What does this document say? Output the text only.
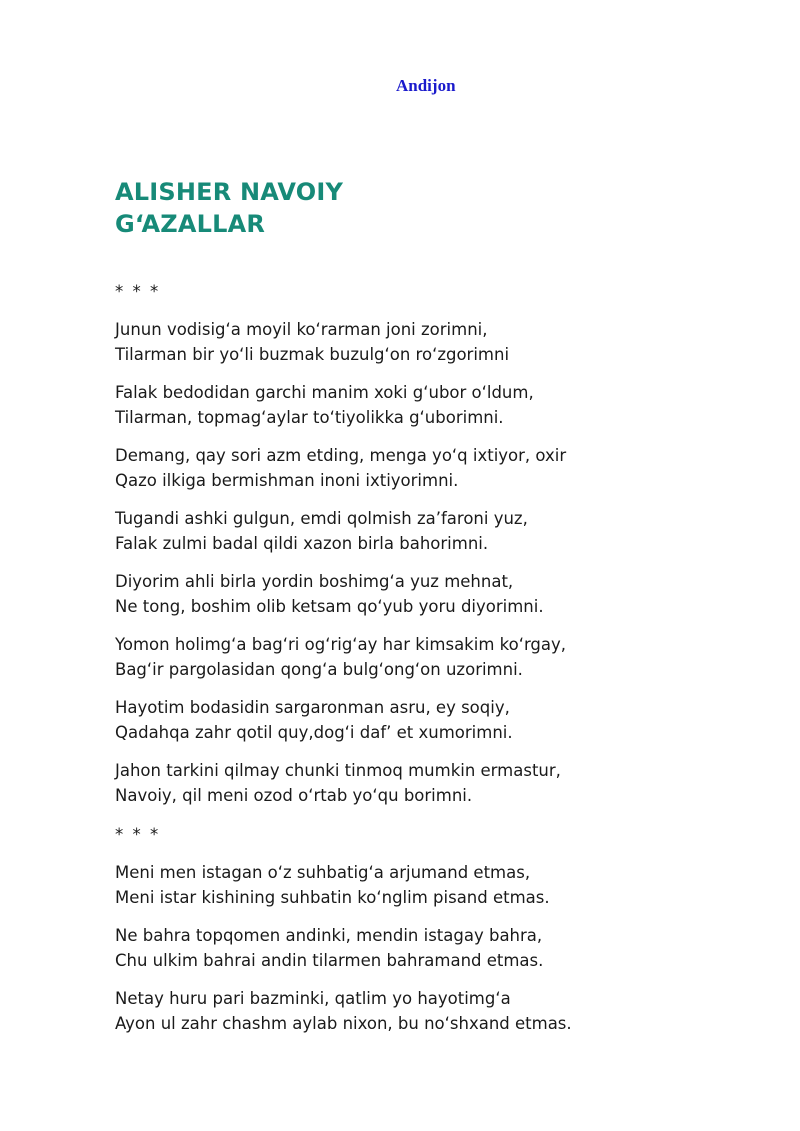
Andijon
ALISHER NAVOIY
G‘AZALLAR
* * *
Junun vodisig‘a moyil ko‘rarman joni zorimni,
Tilarman bir yo‘li buzmak buzulg‘on ro‘zgorimni
Falak bedodidan garchi manim xoki g‘ubor o‘ldum,
Tilarman, topmag‘aylar to‘tiyolikka g‘uborimni.
Demang, qay sori azm etding, menga yo‘q ixtiyor, oxir
Qazo ilkiga bermishman inoni ixtiyorimni.
Tugandi ashki gulgun, emdi qolmish za’faroni yuz,
Falak zulmi badal qildi xazon birla bahorimni.
Diyorim ahli birla yordin boshimg‘a yuz mehnat,
Ne tong, boshim olib ketsam qo‘yub yoru diyorimni.
Yomon holimg‘a bag‘ri og‘rig‘ay har kimsakim ko‘rgay,
Bag‘ir pargolasidan qong‘a bulg‘ong‘on uzorimni.
Hayotim bodasidin sargaronman asru, ey soqiy,
Qadahqa zahr qotil quy,dog‘i daf’ et xumorimni.
Jahon tarkini qilmay chunki tinmoq mumkin ermastur,
Navoiy, qil meni ozod o‘rtab yo‘qu borimni.
* * *
Meni men istagan o‘z suhbatig‘a arjumand etmas,
Meni istar kishining suhbatin ko‘nglim pisand etmas.
Ne bahra topqomen andinki, mendin istagay bahra,
Chu ulkim bahrai andin tilarmen bahramand etmas.
Netay huru pari bazminki, qatlim yo hayotimg‘a
Ayon ul zahr chashm aylab nixon, bu no‘shxand etmas.
